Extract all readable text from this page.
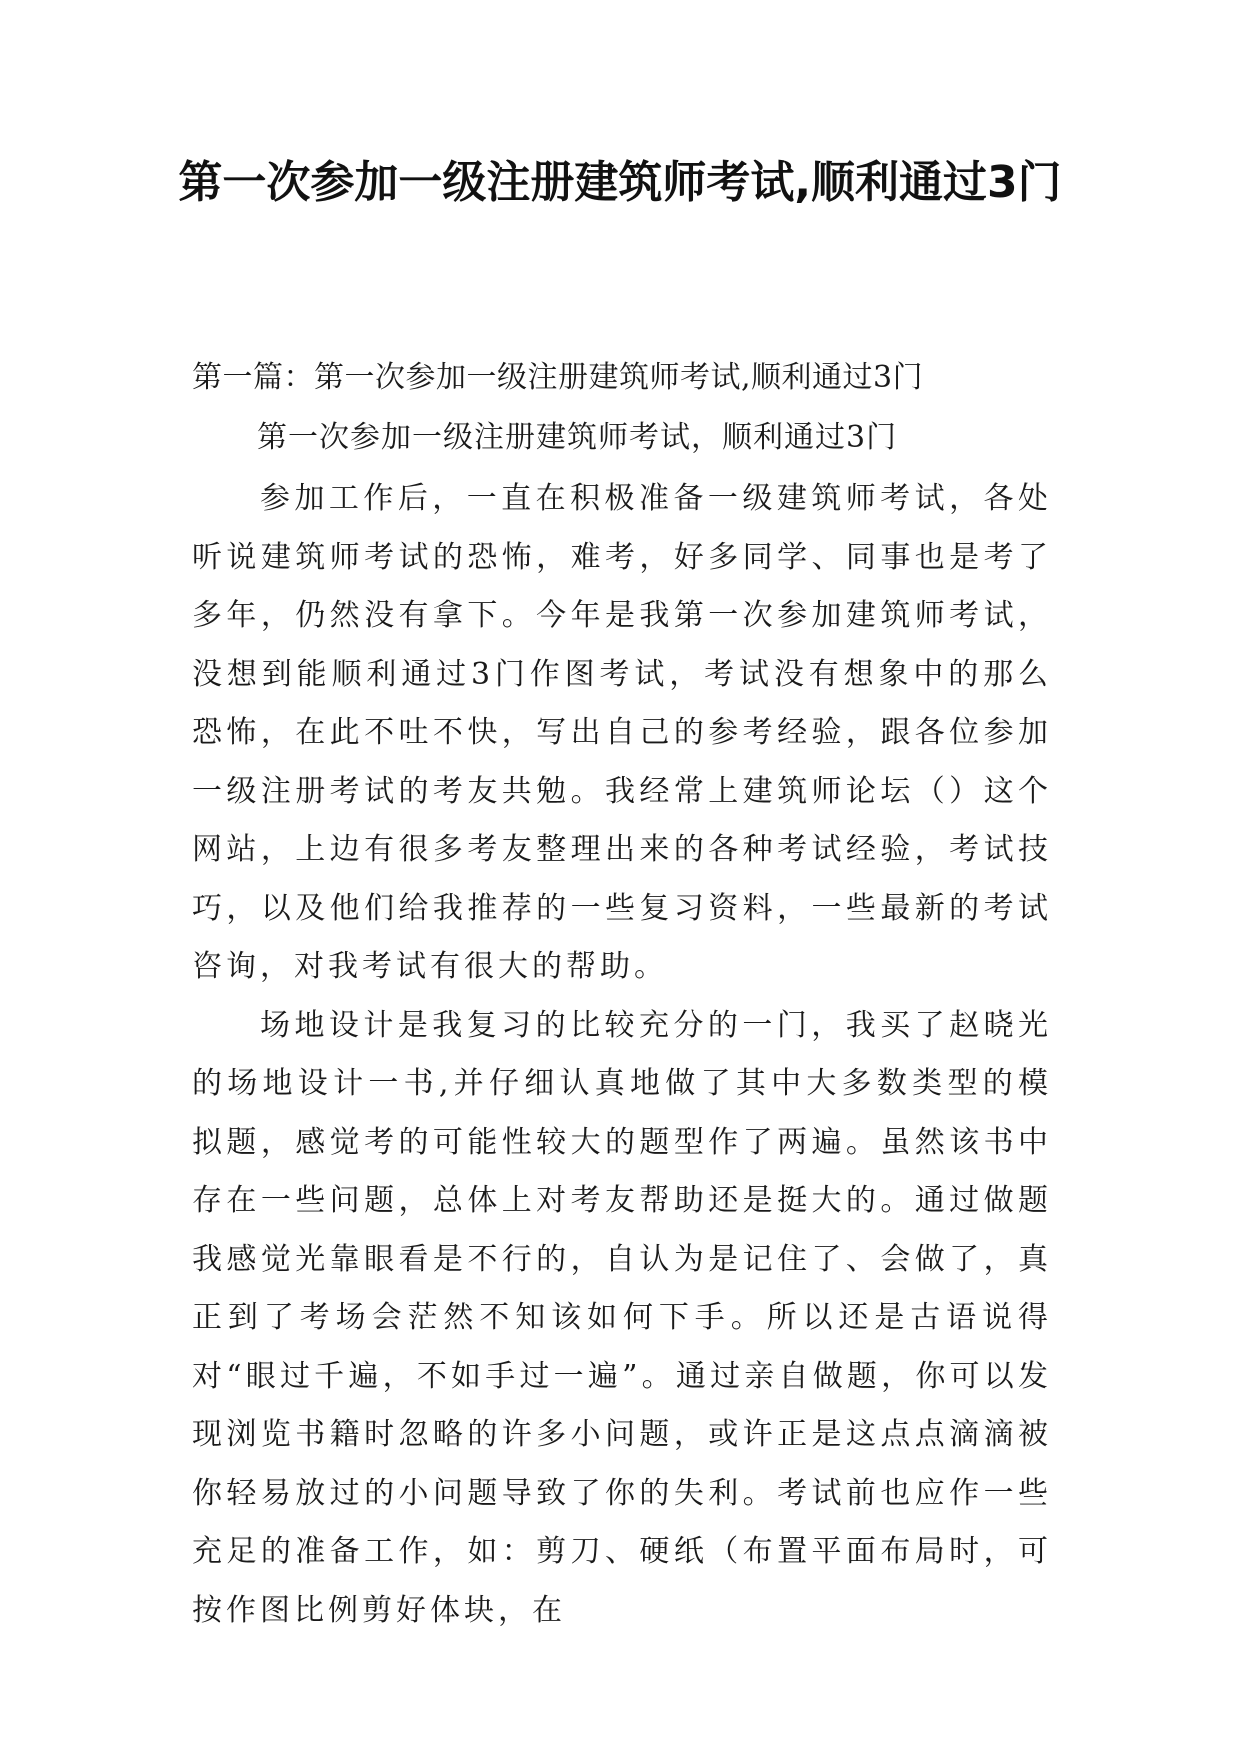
第一次参加一级注册建筑师考试,顺利通过3门

第一篇：第一次参加一级注册建筑师考试,顺利通过3门

第一次参加一级注册建筑师考试，顺利通过3门

参加工作后，一直在积极准备一级建筑师考试，各处听说建筑师考试的恐怖，难考，好多同学、同事也是考了多年，仍然没有拿下。今年是我第一次参加建筑师考试，没想到能顺利通过3门作图考试，考试没有想象中的那么恐怖，在此不吐不快，写出自己的参考经验，跟各位参加一级注册考试的考友共勉。我经常上建筑师论坛（）这个网站，上边有很多考友整理出来的各种考试经验，考试技巧，以及他们给我推荐的一些复习资料，一些最新的考试咨询，对我考试有很大的帮助。

场地设计是我复习的比较充分的一门，我买了赵晓光的场地设计一书,并仔细认真地做了其中大多数类型的模拟题，感觉考的可能性较大的题型作了两遍。虽然该书中存在一些问题，总体上对考友帮助还是挺大的。通过做题我感觉光靠眼看是不行的，自认为是记住了、会做了，真正到了考场会茫然不知该如何下手。所以还是古语说得对“眼过千遍，不如手过一遍”。通过亲自做题，你可以发现浏览书籍时忽略的许多小问题，或许正是这点点滴滴被你轻易放过的小问题导致了你的失利。考试前也应作一些充足的准备工作，如：剪刀、硬纸（布置平面布局时，可按作图比例剪好体块，在
